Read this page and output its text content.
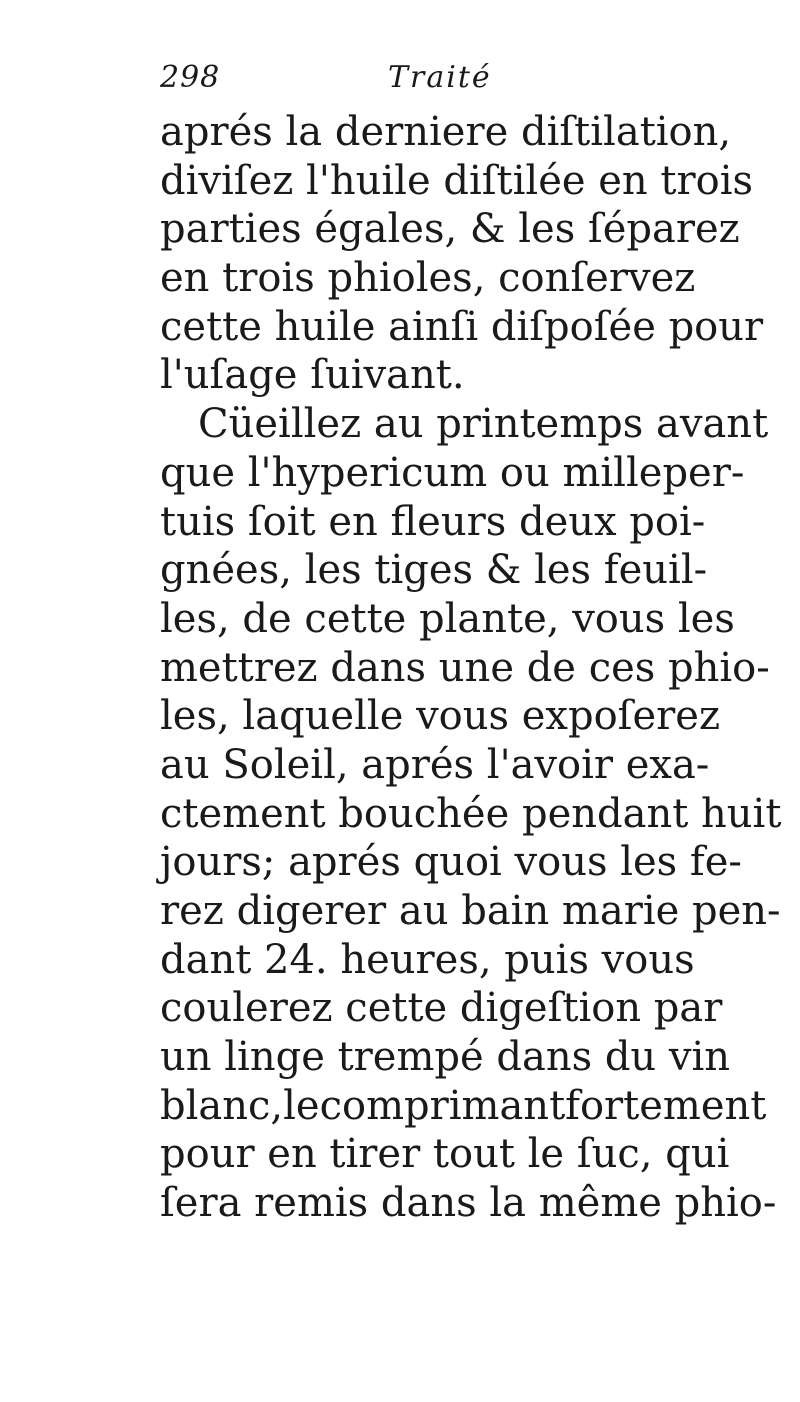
298	Traité
aprés la derniere diſtilation,
diviſez l'huile diſtilée en trois
parties égales, & les ſéparez
en trois phioles, conſervez
cette huile ainſi diſpoſée pour
l'uſage ſuivant.
Cüeillez au printemps avant
que l'hypericum ou milleper-
tuis ſoit en fleurs deux poi-
gnées, les tiges & les feuil-
les, de cette plante, vous les
mettrez dans une de ces phio-
les, laquelle vous expoſerez
au Soleil, aprés l'avoir exa-
ctement bouchée pendant huit
jours; aprés quoi vous les fe-
rez digerer au bain marie pen-
dant 24. heures, puis vous
coulerez cette digeſtion par
un linge trempé dans du vin
blanc,lecomprimantfortement
pour en tirer tout le ſuc, qui
ſera remis dans la même phio-
